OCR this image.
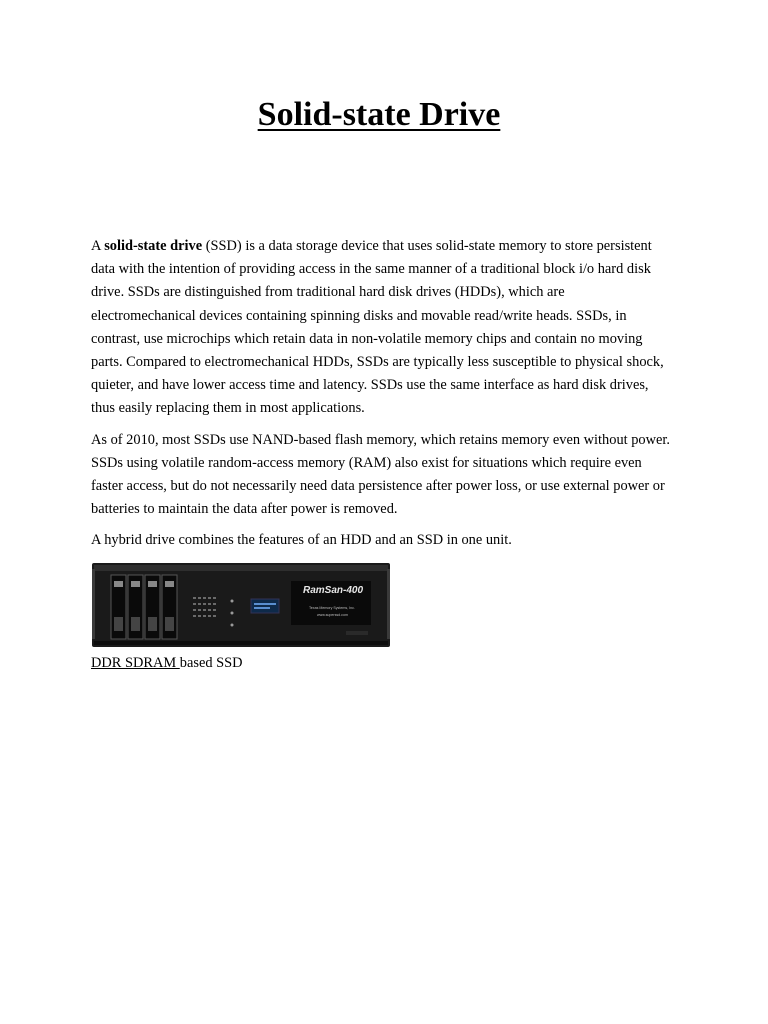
Solid-state Drive

A solid-state drive (SSD) is a data storage device that uses solid-state memory to store persistent data with the intention of providing access in the same manner of a traditional block i/o hard disk drive. SSDs are distinguished from traditional hard disk drives (HDDs), which are electromechanical devices containing spinning disks and movable read/write heads. SSDs, in contrast, use microchips which retain data in non-volatile memory chips and contain no moving parts. Compared to electromechanical HDDs, SSDs are typically less susceptible to physical shock, quieter, and have lower access time and latency. SSDs use the same interface as hard disk drives, thus easily replacing them in most applications.

As of 2010, most SSDs use NAND-based flash memory, which retains memory even without power. SSDs using volatile random-access memory (RAM) also exist for situations which require even faster access, but do not necessarily need data persistence after power loss, or use external power or batteries to maintain the data after power is removed.

A hybrid drive combines the features of an HDD and an SSD in one unit.

RamSan-400
Texas Memory Systems, Inc.
www.superssd.com

DDR SDRAM based SSD
